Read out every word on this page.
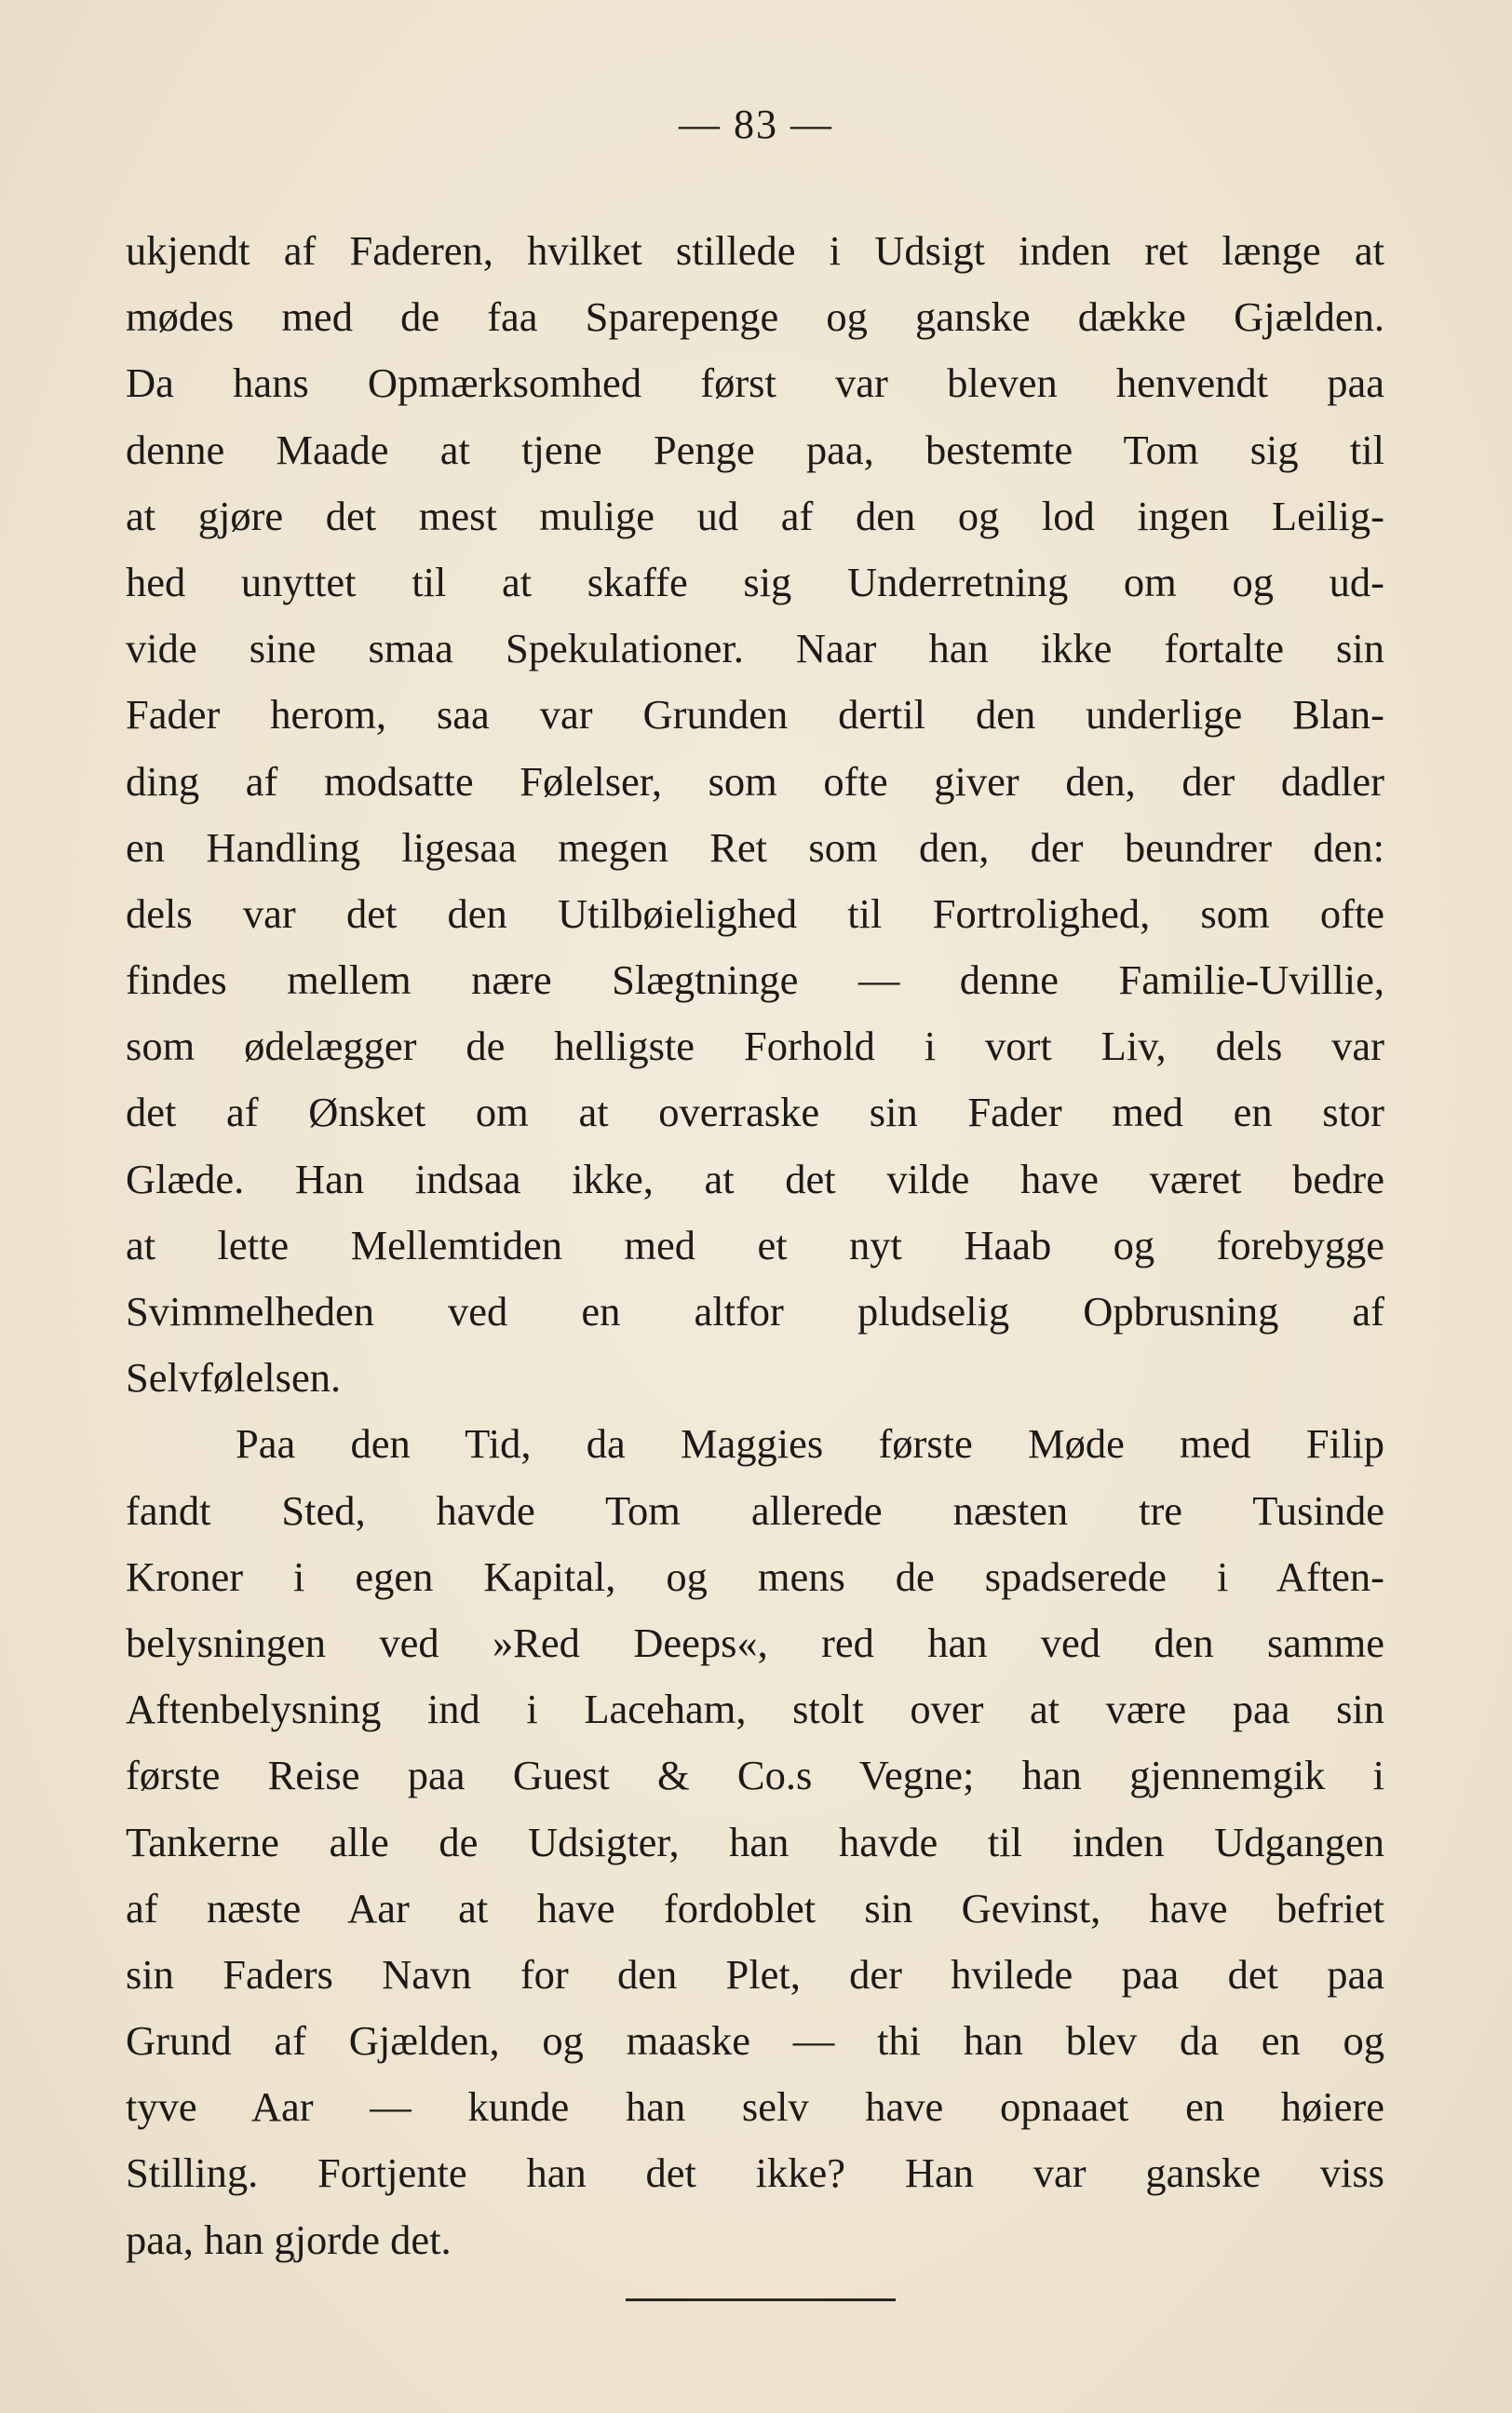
— 83 —
ukjendt af Faderen, hvilket stillede i Udsigt inden ret længe at
mødes med de faa Sparepenge og ganske dække Gjælden.
Da hans Opmærksomhed først var bleven henvendt paa
denne Maade at tjene Penge paa, bestemte Tom sig til
at gjøre det mest mulige ud af den og lod ingen Leilig-
hed unyttet til at skaffe sig Underretning om og ud-
vide sine smaa Spekulationer. Naar han ikke fortalte sin
Fader herom, saa var Grunden dertil den underlige Blan-
ding af modsatte Følelser, som ofte giver den, der dadler
en Handling ligesaa megen Ret som den, der beundrer den:
dels var det den Utilbøielighed til Fortrolighed, som ofte
findes mellem nære Slægtninge — denne Familie-Uvillie,
som ødelægger de helligste Forhold i vort Liv, dels var
det af Ønsket om at overraske sin Fader med en stor
Glæde. Han indsaa ikke, at det vilde have været bedre
at lette Mellemtiden med et nyt Haab og forebygge
Svimmelheden ved en altfor pludselig Opbrusning af
Selvfølelsen.
Paa den Tid, da Maggies første Møde med Filip
fandt Sted, havde Tom allerede næsten tre Tusinde
Kroner i egen Kapital, og mens de spadserede i Aften-
belysningen ved »Red Deeps«, red han ved den samme
Aftenbelysning ind i Laceham, stolt over at være paa sin
første Reise paa Guest & Co.s Vegne; han gjennemgik i
Tankerne alle de Udsigter, han havde til inden Udgangen
af næste Aar at have fordoblet sin Gevinst, have befriet
sin Faders Navn for den Plet, der hvilede paa det paa
Grund af Gjælden, og maaske — thi han blev da en og
tyve Aar — kunde han selv have opnaaet en høiere
Stilling. Fortjente han det ikke? Han var ganske viss
paa, han gjorde det.
